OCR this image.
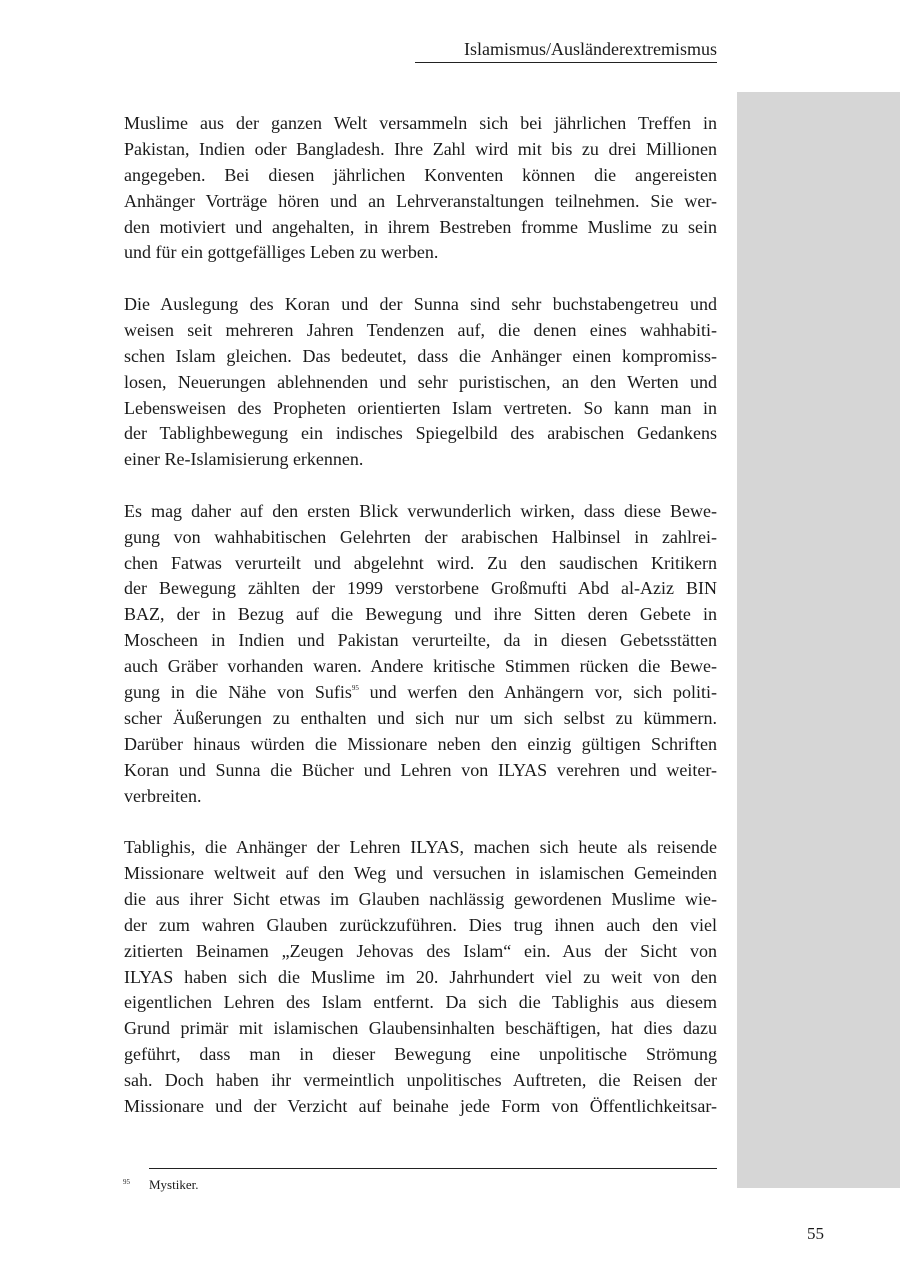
Islamismus/Ausländerextremismus
Muslime aus der ganzen Welt versammeln sich bei jährlichen Treffen in
Pakistan, Indien oder Bangladesh. Ihre Zahl wird mit bis zu drei Millionen
angegeben. Bei diesen jährlichen Konventen können die angereisten
Anhänger Vorträge hören und an Lehrveranstaltungen teilnehmen. Sie wer-
den motiviert und angehalten, in ihrem Bestreben fromme Muslime zu sein
und für ein gottgefälliges Leben zu werben.
Die Auslegung des Koran und der Sunna sind sehr buchstabengetreu und
weisen seit mehreren Jahren Tendenzen auf, die denen eines wahhabiti-
schen Islam gleichen. Das bedeutet, dass die Anhänger einen kompromiss-
losen, Neuerungen ablehnenden und sehr puristischen, an den Werten und
Lebensweisen des Propheten orientierten Islam vertreten. So kann man in
der Tablighbewegung ein indisches Spiegelbild des arabischen Gedankens
einer Re-Islamisierung erkennen.
Es mag daher auf den ersten Blick verwunderlich wirken, dass diese Bewe-
gung von wahhabitischen Gelehrten der arabischen Halbinsel in zahlrei-
chen Fatwas verurteilt und abgelehnt wird. Zu den saudischen Kritikern
der Bewegung zählten der 1999 verstorbene Großmufti Abd al-Aziz BIN
BAZ, der in Bezug auf die Bewegung und ihre Sitten deren Gebete in
Moscheen in Indien und Pakistan verurteilte, da in diesen Gebetsstätten
auch Gräber vorhanden waren. Andere kritische Stimmen rücken die Bewe-
gung in die Nähe von Sufis$^{95}$ und werfen den Anhängern vor, sich politi-
scher Äußerungen zu enthalten und sich nur um sich selbst zu kümmern.
Darüber hinaus würden die Missionare neben den einzig gültigen Schriften
Koran und Sunna die Bücher und Lehren von ILYAS verehren und weiter-
verbreiten.
Tablighis, die Anhänger der Lehren ILYAS, machen sich heute als reisende
Missionare weltweit auf den Weg und versuchen in islamischen Gemeinden
die aus ihrer Sicht etwas im Glauben nachlässig gewordenen Muslime wie-
der zum wahren Glauben zurückzuführen. Dies trug ihnen auch den viel
zitierten Beinamen „Zeugen Jehovas des Islam“ ein. Aus der Sicht von
ILYAS haben sich die Muslime im 20. Jahrhundert viel zu weit von den
eigentlichen Lehren des Islam entfernt. Da sich die Tablighis aus diesem
Grund primär mit islamischen Glaubensinhalten beschäftigen, hat dies dazu
geführt, dass man in dieser Bewegung eine unpolitische Strömung
sah. Doch haben ihr vermeintlich unpolitisches Auftreten, die Reisen der
Missionare und der Verzicht auf beinahe jede Form von Öffentlichkeitsar-
95 Mystiker.
55
